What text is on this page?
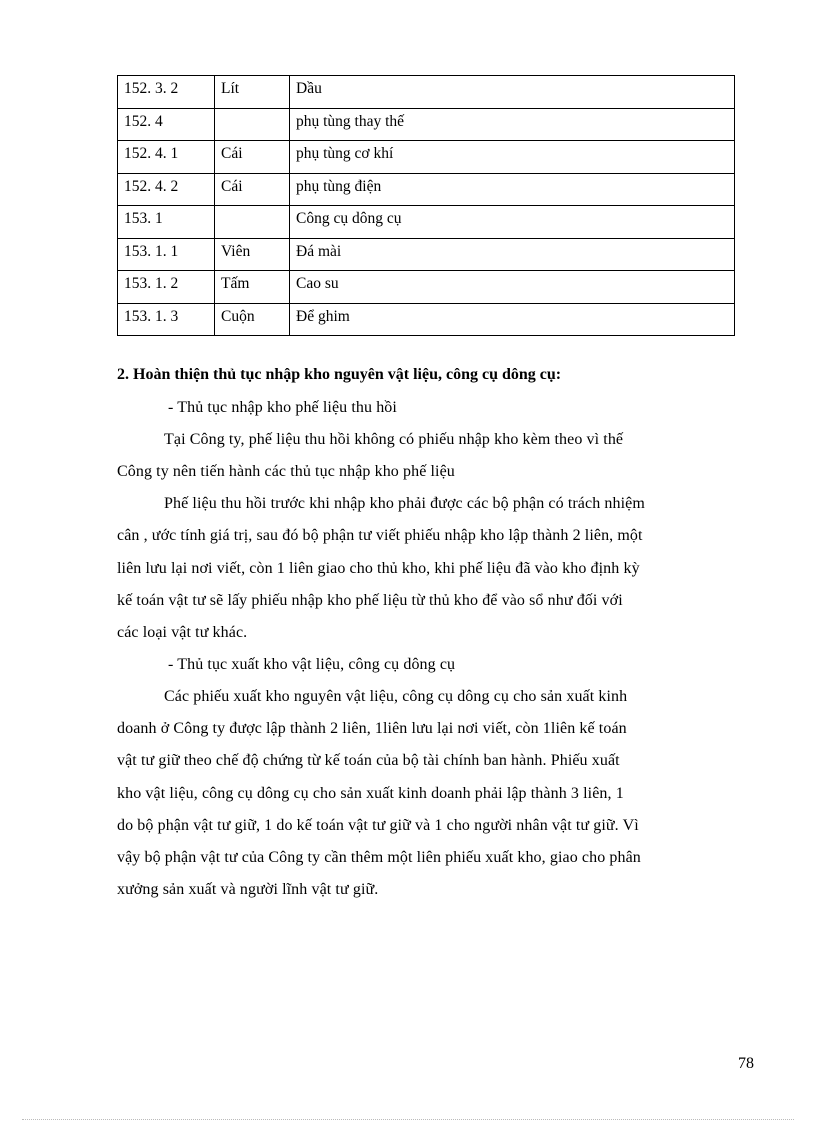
152. 3. 2	Lít	Dầu
152. 4		phụ tùng thay thế
152. 4. 1	Cái	phụ tùng cơ khí
152. 4. 2	Cái	phụ tùng điện
153. 1		Công cụ dông cụ
153. 1. 1	Viên	Đá mài
153. 1. 2	Tấm	Cao su
153. 1. 3	Cuộn	Để ghim
2. Hoàn thiện thủ tục nhập kho nguyên vật liệu, công cụ dông cụ:
- Thủ tục nhập kho phế liệu thu hồi
Tại Công ty, phế liệu thu hồi không có phiếu nhập kho kèm theo vì thế
Công ty nên tiến hành các thủ tục nhập kho phế liệu
Phế liệu thu hồi trước khi nhập kho phải được các bộ phận có trách nhiệm
cân , ước tính giá trị, sau đó bộ phận tư viết phiếu nhập kho lập thành 2 liên, một
liên lưu lại nơi viết, còn 1 liên giao cho thủ kho, khi phế liệu đã vào kho định kỳ
kế toán vật tư sẽ lấy phiếu nhập kho phế liệu từ thủ kho để vào sổ như đối với
các loại vật tư khác.
- Thủ tục xuất kho vật liệu, công cụ dông cụ
Các phiếu xuất kho nguyên vật liệu, công cụ dông cụ cho sản xuất kinh
doanh ở Công ty được lập thành 2 liên, 1liên lưu lại nơi viết, còn 1liên kế toán
vật tư giữ theo chế độ chứng từ kế toán của bộ tài chính ban hành. Phiếu xuất
kho vật liệu, công cụ dông cụ cho sản xuất kinh doanh phải lập thành 3 liên, 1
do bộ phận vật tư giữ, 1 do kế toán vật tư giữ và 1 cho người nhân vật tư giữ. Vì
vậy bộ phận vật tư của Công ty cần thêm một liên phiếu xuất kho, giao cho phân
xưởng sản xuất và người lĩnh vật tư giữ.
78
